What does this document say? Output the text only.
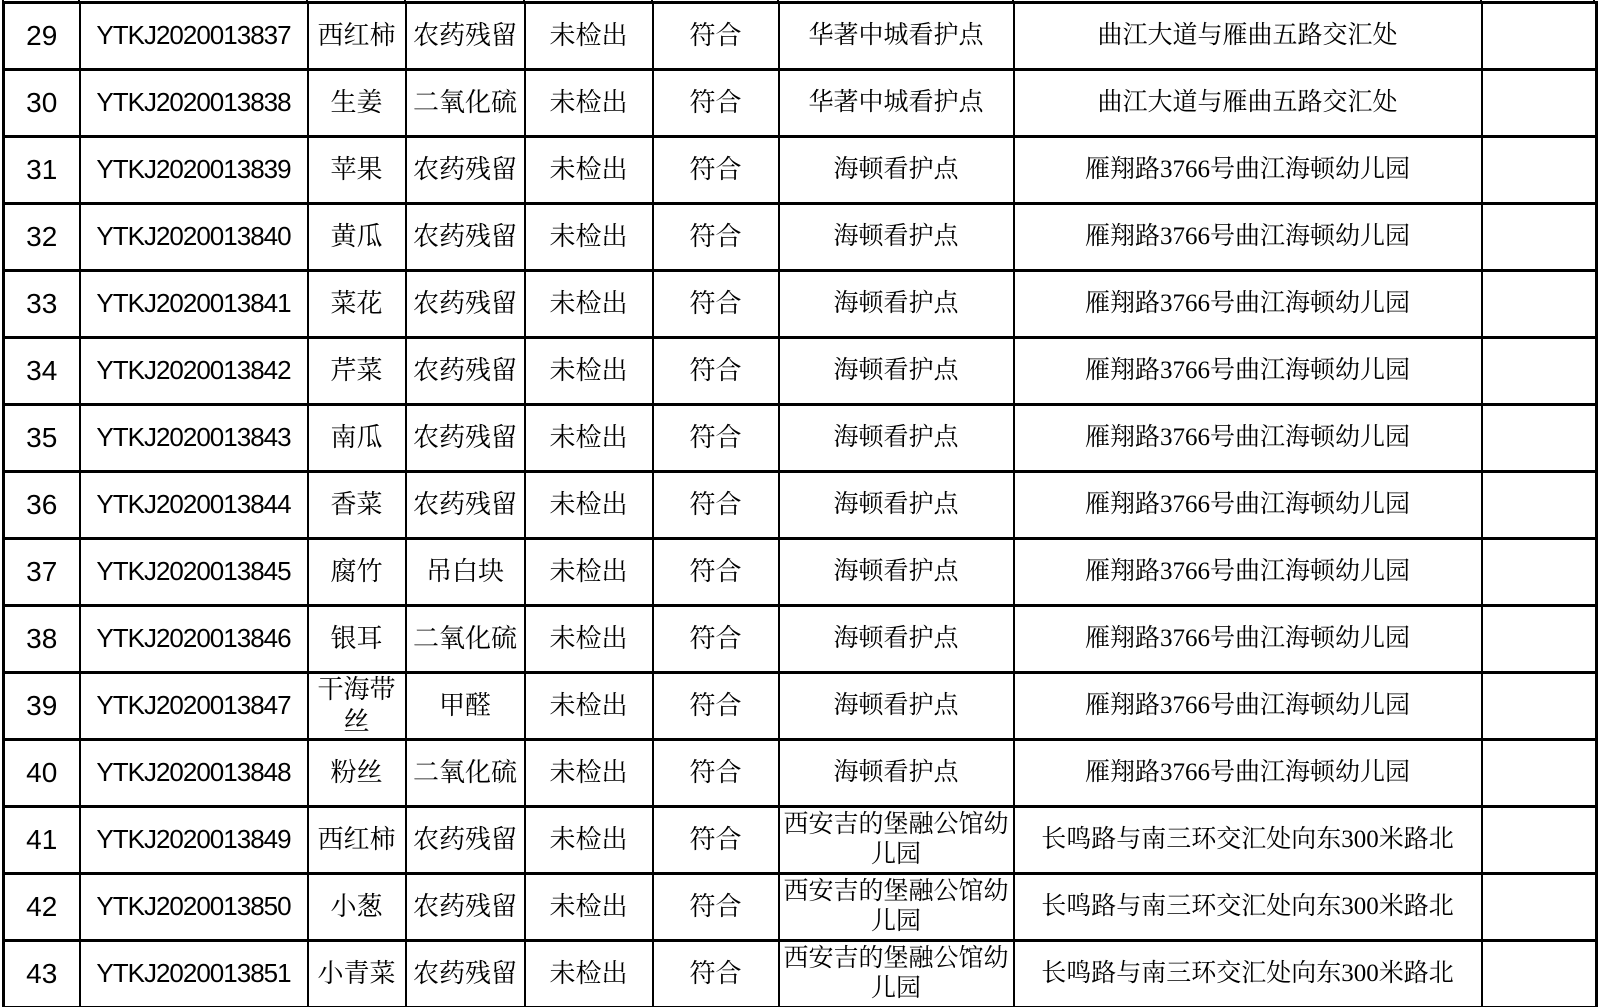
29	YTKJ2020013837	西红柿	农药残留	未检出	符合	华著中城看护点	曲江大道与雁曲五路交汇处	
30	YTKJ2020013838	生姜	二氧化硫	未检出	符合	华著中城看护点	曲江大道与雁曲五路交汇处	
31	YTKJ2020013839	苹果	农药残留	未检出	符合	海顿看护点	雁翔路3766号曲江海顿幼儿园	
32	YTKJ2020013840	黄瓜	农药残留	未检出	符合	海顿看护点	雁翔路3766号曲江海顿幼儿园	
33	YTKJ2020013841	菜花	农药残留	未检出	符合	海顿看护点	雁翔路3766号曲江海顿幼儿园	
34	YTKJ2020013842	芹菜	农药残留	未检出	符合	海顿看护点	雁翔路3766号曲江海顿幼儿园	
35	YTKJ2020013843	南瓜	农药残留	未检出	符合	海顿看护点	雁翔路3766号曲江海顿幼儿园	
36	YTKJ2020013844	香菜	农药残留	未检出	符合	海顿看护点	雁翔路3766号曲江海顿幼儿园	
37	YTKJ2020013845	腐竹	吊白块	未检出	符合	海顿看护点	雁翔路3766号曲江海顿幼儿园	
38	YTKJ2020013846	银耳	二氧化硫	未检出	符合	海顿看护点	雁翔路3766号曲江海顿幼儿园	
39	YTKJ2020013847	干海带丝	甲醛	未检出	符合	海顿看护点	雁翔路3766号曲江海顿幼儿园	
40	YTKJ2020013848	粉丝	二氧化硫	未检出	符合	海顿看护点	雁翔路3766号曲江海顿幼儿园	
41	YTKJ2020013849	西红柿	农药残留	未检出	符合	西安吉的堡融公馆幼儿园	长鸣路与南三环交汇处向东300米路北	
42	YTKJ2020013850	小葱	农药残留	未检出	符合	西安吉的堡融公馆幼儿园	长鸣路与南三环交汇处向东300米路北	
43	YTKJ2020013851	小青菜	农药残留	未检出	符合	西安吉的堡融公馆幼儿园	长鸣路与南三环交汇处向东300米路北	
